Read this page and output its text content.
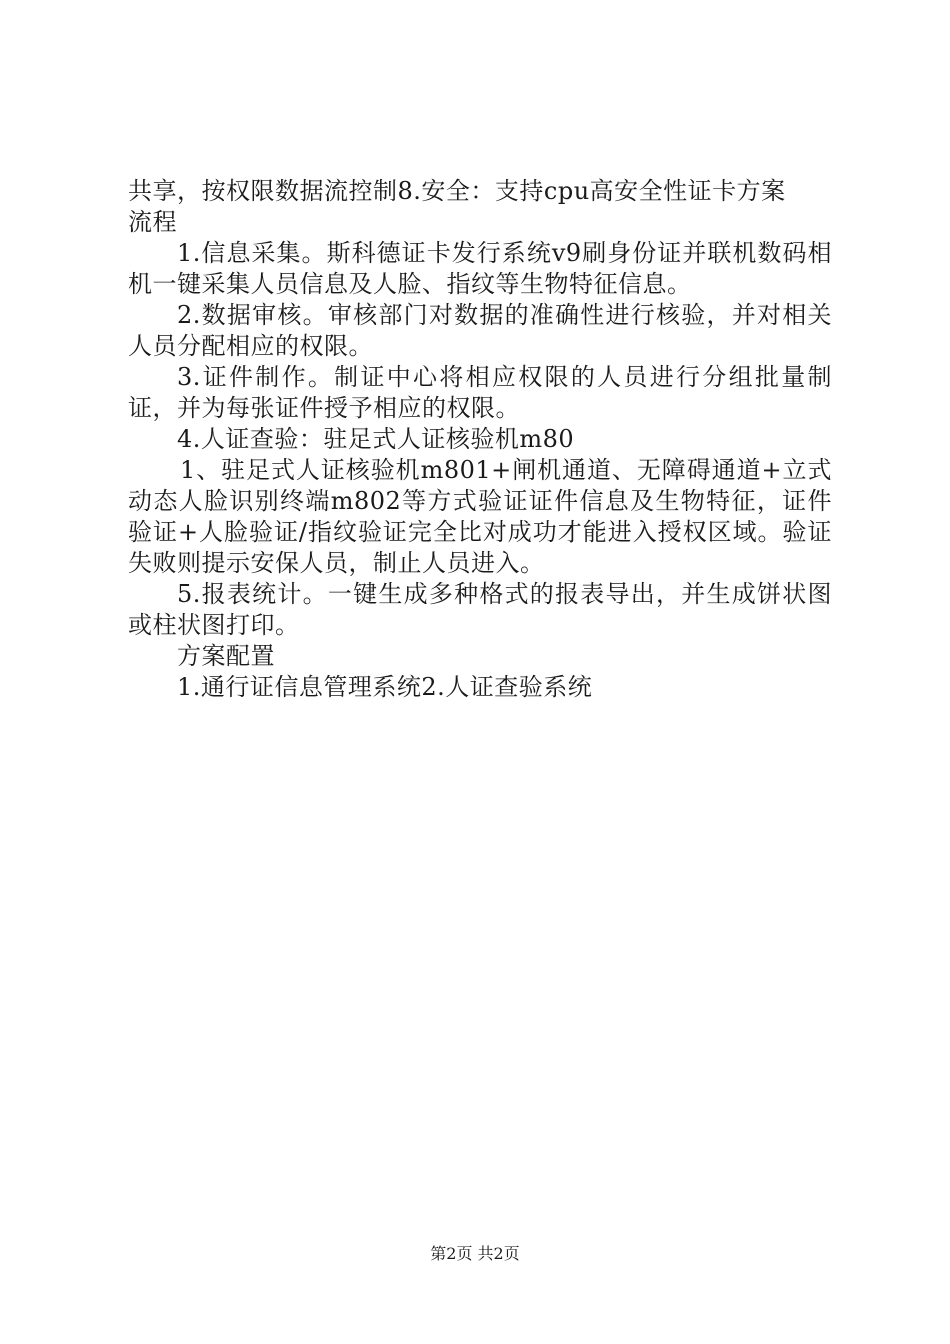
共享，按权限数据流控制8.安全：支持cpu高安全性证卡方案

流程

1.信息采集。斯科德证卡发行系统v9刷身份证并联机数码相机一键采集人员信息及人脸、指纹等生物特征信息。

2.数据审核。审核部门对数据的准确性进行核验，并对相关人员分配相应的权限。

3.证件制作。制证中心将相应权限的人员进行分组批量制证，并为每张证件授予相应的权限。

4.人证查验：驻足式人证核验机m80

1、驻足式人证核验机m801+闸机通道、无障碍通道+立式动态人脸识别终端m802等方式验证证件信息及生物特征，证件验证+人脸验证/指纹验证完全比对成功才能进入授权区域。验证失败则提示安保人员，制止人员进入。

5.报表统计。一键生成多种格式的报表导出，并生成饼状图或柱状图打印。

方案配置

1.通行证信息管理系统2.人证查验系统

第2页 共2页
